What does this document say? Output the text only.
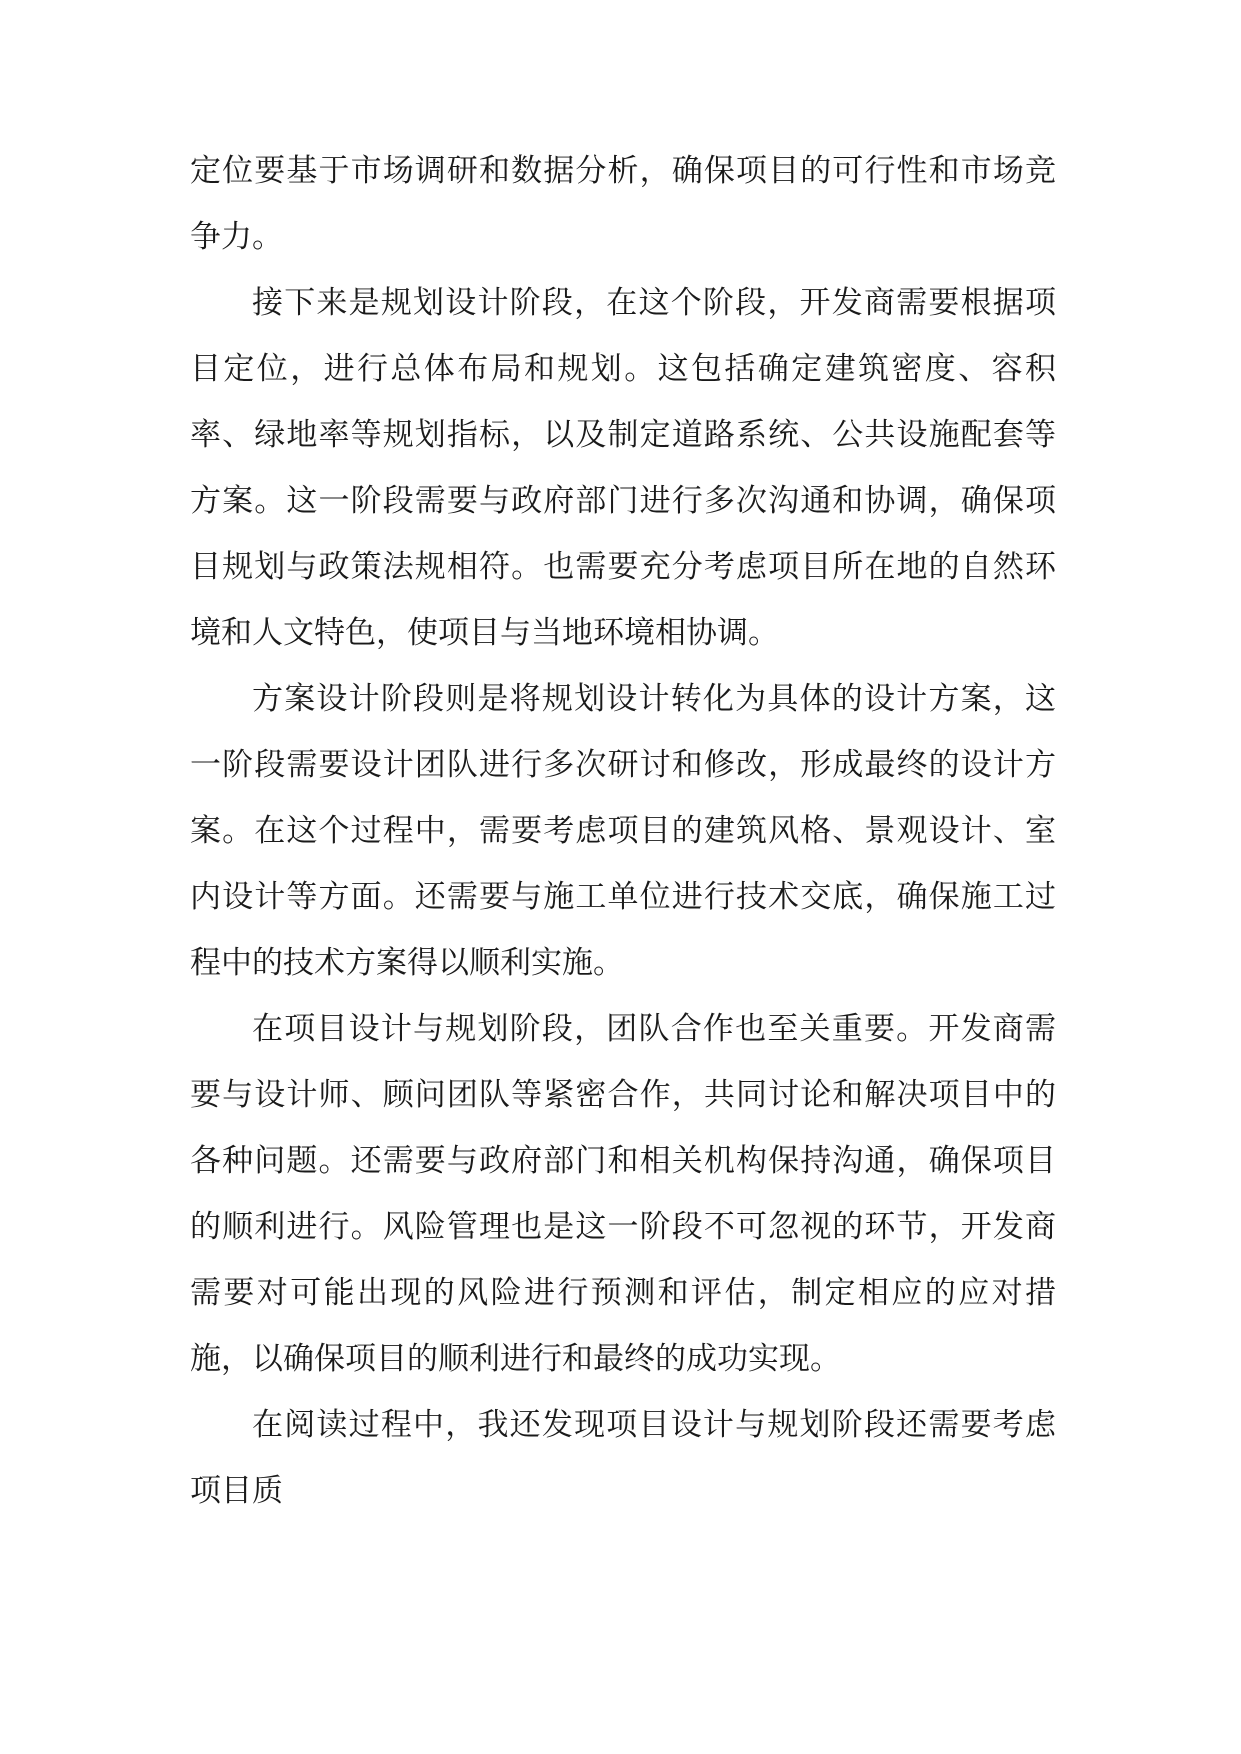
定位要基于市场调研和数据分析，确保项目的可行性和市场竞争力。

接下来是规划设计阶段，在这个阶段，开发商需要根据项目定位，进行总体布局和规划。这包括确定建筑密度、容积率、绿地率等规划指标，以及制定道路系统、公共设施配套等方案。这一阶段需要与政府部门进行多次沟通和协调，确保项目规划与政策法规相符。也需要充分考虑项目所在地的自然环境和人文特色，使项目与当地环境相协调。

方案设计阶段则是将规划设计转化为具体的设计方案，这一阶段需要设计团队进行多次研讨和修改，形成最终的设计方案。在这个过程中，需要考虑项目的建筑风格、景观设计、室内设计等方面。还需要与施工单位进行技术交底，确保施工过程中的技术方案得以顺利实施。

在项目设计与规划阶段，团队合作也至关重要。开发商需要与设计师、顾问团队等紧密合作，共同讨论和解决项目中的各种问题。还需要与政府部门和相关机构保持沟通，确保项目的顺利进行。风险管理也是这一阶段不可忽视的环节，开发商需要对可能出现的风险进行预测和评估，制定相应的应对措施，以确保项目的顺利进行和最终的成功实现。

在阅读过程中，我还发现项目设计与规划阶段还需要考虑项目质
